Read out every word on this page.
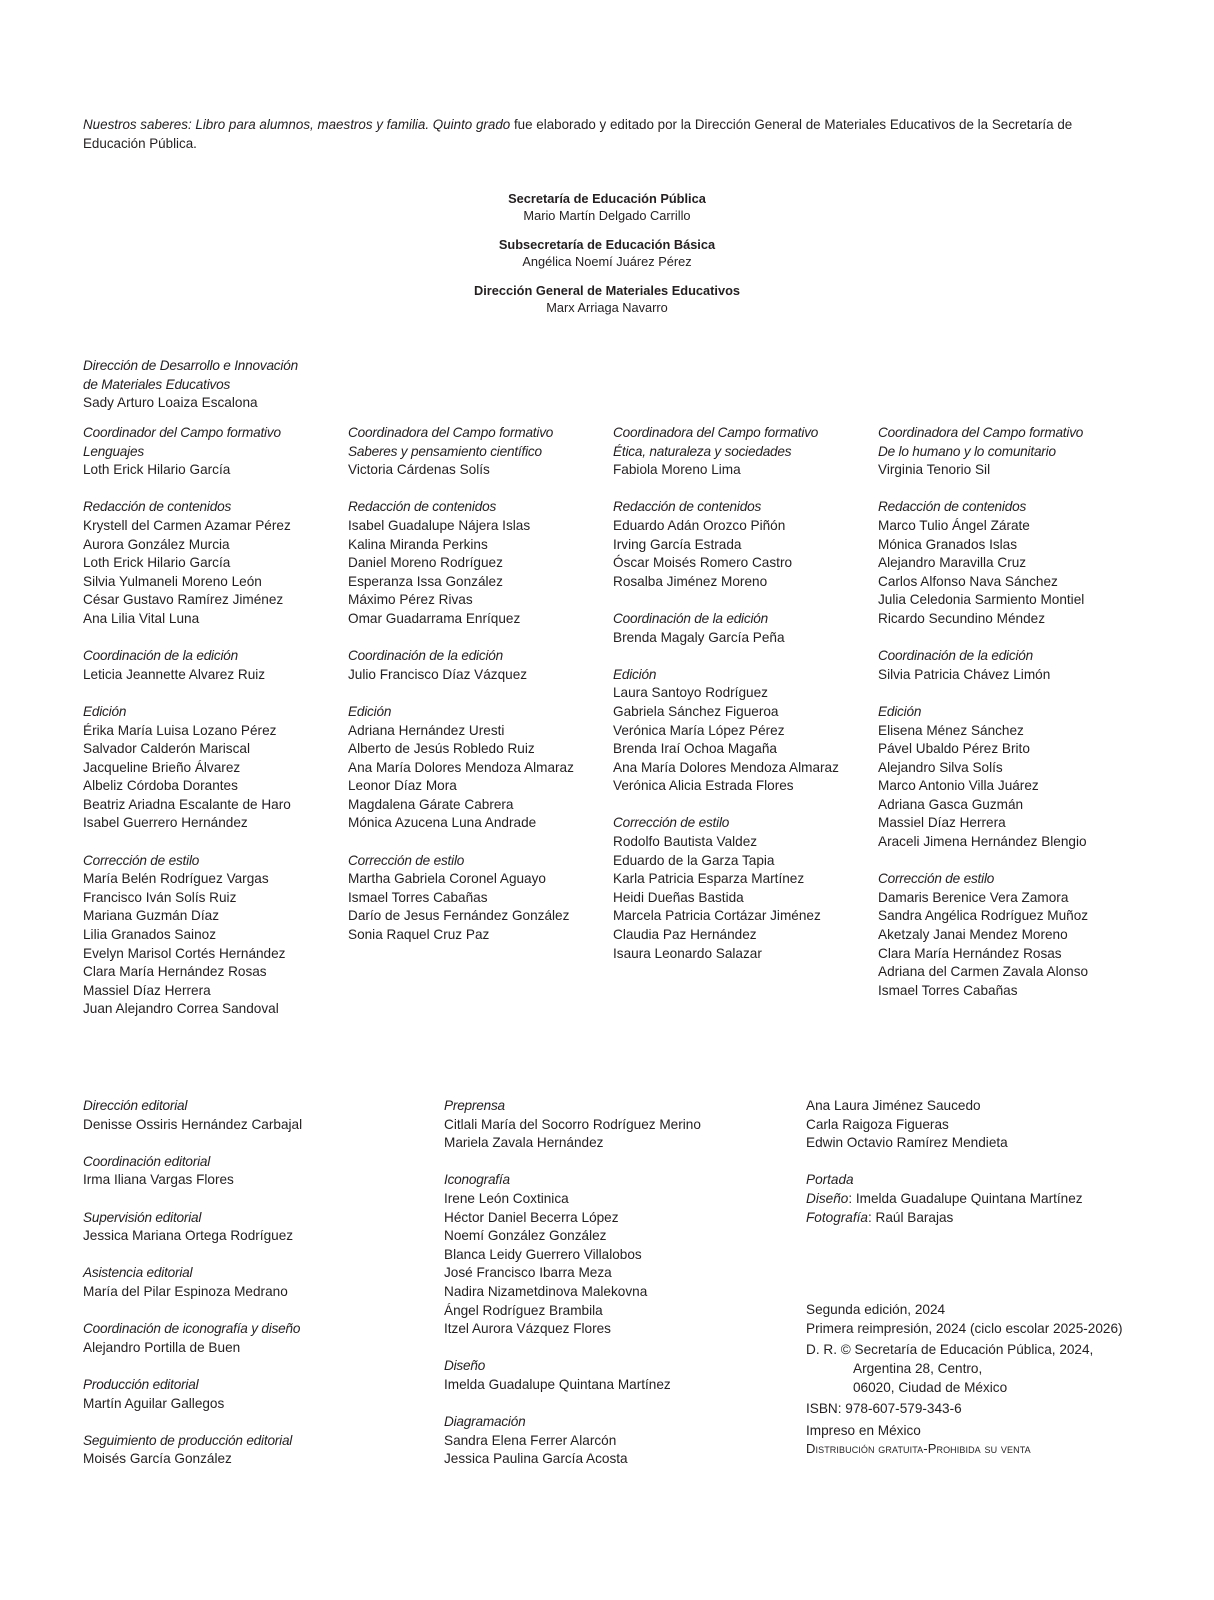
Nuestros saberes: Libro para alumnos, maestros y familia. Quinto grado fue elaborado y editado por la Dirección General de Materiales Educativos de la Secretaría de Educación Pública.
Secretaría de Educación Pública
Mario Martín Delgado Carrillo
Subsecretaría de Educación Básica
Angélica Noemí Juárez Pérez
Dirección General de Materiales Educativos
Marx Arriaga Navarro
Dirección de Desarrollo e Innovación
de Materiales Educativos
Sady Arturo Loaiza Escalona
Coordinador del Campo formativo
Lenguajes
Loth Erick Hilario García
Redacción de contenidos
Krystell del Carmen Azamar Pérez
Aurora González Murcia
Loth Erick Hilario García
Silvia Yulmaneli Moreno León
César Gustavo Ramírez Jiménez
Ana Lilia Vital Luna
Coordinación de la edición
Leticia Jeannette Alvarez Ruiz
Edición
Érika María Luisa Lozano Pérez
Salvador Calderón Mariscal
Jacqueline Brieño Álvarez
Albeliz Córdoba Dorantes
Beatriz Ariadna Escalante de Haro
Isabel Guerrero Hernández
Corrección de estilo
María Belén Rodríguez Vargas
Francisco Iván Solís Ruiz
Mariana Guzmán Díaz
Lilia Granados Sainoz
Evelyn Marisol Cortés Hernández
Clara María Hernández Rosas
Massiel Díaz Herrera
Juan Alejandro Correa Sandoval
Coordinadora del Campo formativo
Saberes y pensamiento científico
Victoria Cárdenas Solís
Redacción de contenidos
Isabel Guadalupe Nájera Islas
Kalina Miranda Perkins
Daniel Moreno Rodríguez
Esperanza Issa González
Máximo Pérez Rivas
Omar Guadarrama Enríquez
Coordinación de la edición
Julio Francisco Díaz Vázquez
Edición
Adriana Hernández Uresti
Alberto de Jesús Robledo Ruiz
Ana María Dolores Mendoza Almaraz
Leonor Díaz Mora
Magdalena Gárate Cabrera
Mónica Azucena Luna Andrade
Corrección de estilo
Martha Gabriela Coronel Aguayo
Ismael Torres Cabañas
Darío de Jesus Fernández González
Sonia Raquel Cruz Paz
Coordinadora del Campo formativo
Ética, naturaleza y sociedades
Fabiola Moreno Lima
Redacción de contenidos
Eduardo Adán Orozco Piñón
Irving García Estrada
Óscar Moisés Romero Castro
Rosalba Jiménez Moreno
Coordinación de la edición
Brenda Magaly García Peña
Edición
Laura Santoyo Rodríguez
Gabriela Sánchez Figueroa
Verónica María López Pérez
Brenda Iraí Ochoa Magaña
Ana María Dolores Mendoza Almaraz
Verónica Alicia Estrada Flores
Corrección de estilo
Rodolfo Bautista Valdez
Eduardo de la Garza Tapia
Karla Patricia Esparza Martínez
Heidi Dueñas Bastida
Marcela Patricia Cortázar Jiménez
Claudia Paz Hernández
Isaura Leonardo Salazar
Coordinadora del Campo formativo
De lo humano y lo comunitario
Virginia Tenorio Sil
Redacción de contenidos
Marco Tulio Ángel Zárate
Mónica Granados Islas
Alejandro Maravilla Cruz
Carlos Alfonso Nava Sánchez
Julia Celedonia Sarmiento Montiel
Ricardo Secundino Méndez
Coordinación de la edición
Silvia Patricia Chávez Limón
Edición
Elisena Ménez Sánchez
Pável Ubaldo Pérez Brito
Alejandro Silva Solís
Marco Antonio Villa Juárez
Adriana Gasca Guzmán
Massiel Díaz Herrera
Araceli Jimena Hernández Blengio
Corrección de estilo
Damaris Berenice Vera Zamora
Sandra Angélica Rodríguez Muñoz
Aketzaly Janai Mendez Moreno
Clara María Hernández Rosas
Adriana del Carmen Zavala Alonso
Ismael Torres Cabañas
Dirección editorial
Denisse Ossiris Hernández Carbajal
Coordinación editorial
Irma Iliana Vargas Flores
Supervisión editorial
Jessica Mariana Ortega Rodríguez
Asistencia editorial
María del Pilar Espinoza Medrano
Coordinación de iconografía y diseño
Alejandro Portilla de Buen
Producción editorial
Martín Aguilar Gallegos
Seguimiento de producción editorial
Moisés García González
Preprensa
Citlali María del Socorro Rodríguez Merino
Mariela Zavala Hernández
Iconografía
Irene León Coxtinica
Héctor Daniel Becerra López
Noemí González González
Blanca Leidy Guerrero Villalobos
José Francisco Ibarra Meza
Nadira Nizametdinova Malekovna
Ángel Rodríguez Brambila
Itzel Aurora Vázquez Flores
Diseño
Imelda Guadalupe Quintana Martínez
Diagramación
Sandra Elena Ferrer Alarcón
Jessica Paulina García Acosta
Ana Laura Jiménez Saucedo
Carla Raigoza Figueras
Edwin Octavio Ramírez Mendieta
Portada
Diseño: Imelda Guadalupe Quintana Martínez
Fotografía: Raúl Barajas
Segunda edición, 2024
Primera reimpresión, 2024 (ciclo escolar 2025-2026)
D. R. © Secretaría de Educación Pública, 2024,
Argentina 28, Centro,
06020, Ciudad de México
ISBN: 978-607-579-343-6
Impreso en México
Distribución gratuita-Prohibida su venta
